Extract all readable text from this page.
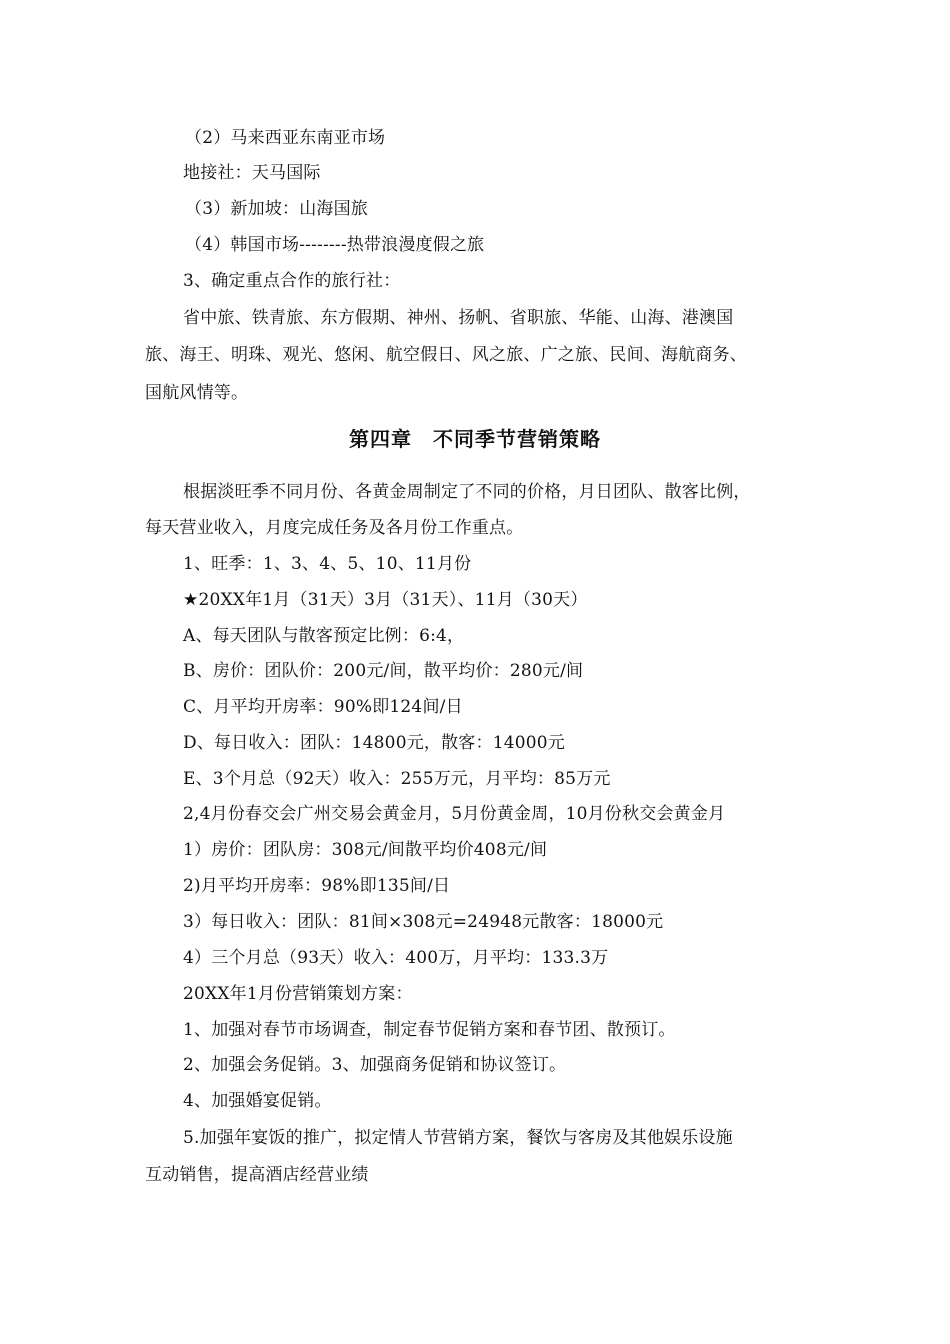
（2）马来西亚东南亚市场
地接社：天马国际
（3）新加坡：山海国旅
（4）韩国市场--------热带浪漫度假之旅
3、确定重点合作的旅行社：
省中旅、铁青旅、东方假期、神州、扬帆、省职旅、华能、山海、港澳国
旅、海王、明珠、观光、悠闲、航空假日、风之旅、广之旅、民间、海航商务、
国航风情等。
第四章　不同季节营销策略
根据淡旺季不同月份、各黄金周制定了不同的价格，月日团队、散客比例，
每天营业收入，月度完成任务及各月份工作重点。
1、旺季：1、3、4、5、10、11月份
★20XX年1月（31天）3月（31天）、11月（30天）
A、每天团队与散客预定比例：6:4，
B、房价：团队价：200元/间，散平均价：280元/间
C、月平均开房率：90%即124间/日
D、每日收入：团队：14800元，散客：14000元
E、3个月总（92天）收入：255万元，月平均：85万元
2,4月份春交会广州交易会黄金月，5月份黄金周，10月份秋交会黄金月
1）房价：团队房：308元/间散平均价408元/间
2)月平均开房率：98%即135间/日
3）每日收入：团队：81间×308元=24948元散客：18000元
4）三个月总（93天）收入：400万，月平均：133.3万
20XX年1月份营销策划方案：
1、加强对春节市场调查，制定春节促销方案和春节团、散预订。
2、加强会务促销。3、加强商务促销和协议签订。
4、加强婚宴促销。
5.加强年宴饭的推广，拟定情人节营销方案，餐饮与客房及其他娱乐设施
互动销售，提高酒店经营业绩
